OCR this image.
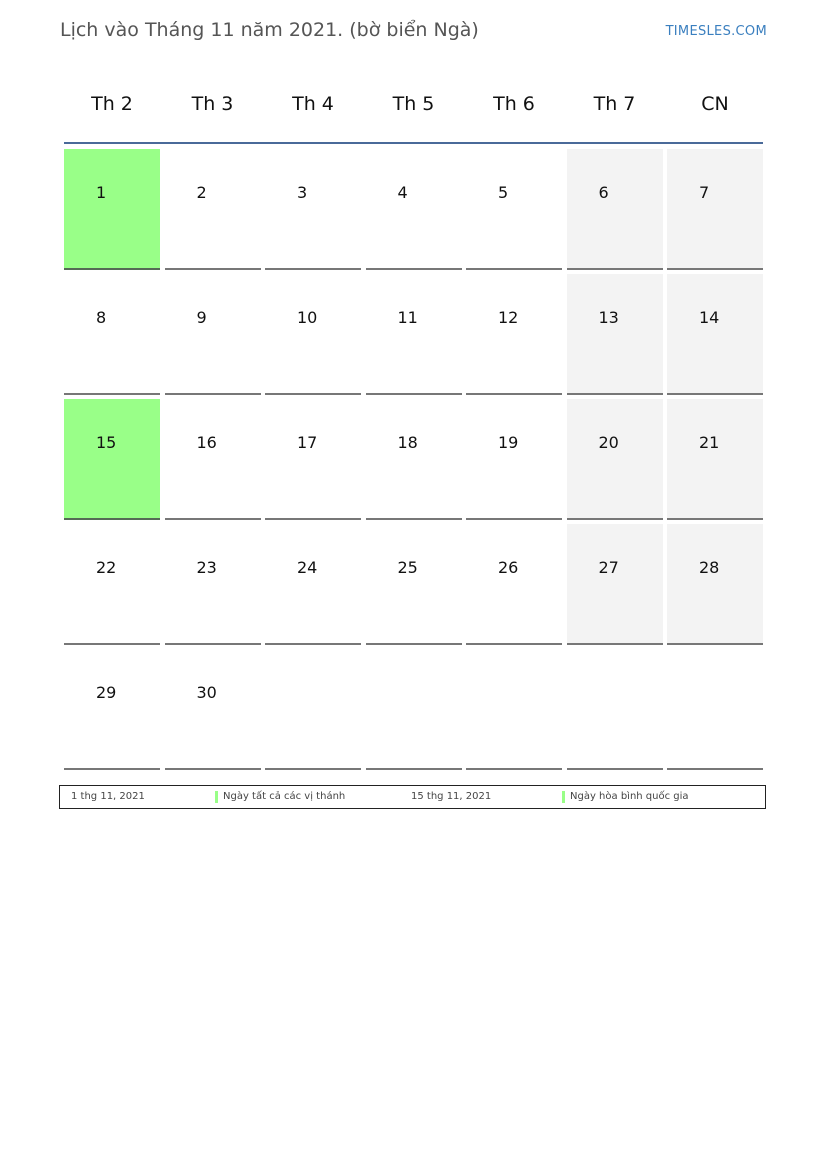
Lịch vào Tháng 11 năm 2021. (bờ biển Ngà)	TIMESLES.COM
Th 2	Th 3	Th 4	Th 5	Th 6	Th 7	CN
1	2	3	4	5	6	7
8	9	10	11	12	13	14
15	16	17	18	19	20	21
22	23	24	25	26	27	28
29	30
1 thg 11, 2021	Ngày tất cả các vị thánh	15 thg 11, 2021	Ngày hòa bình quốc gia
